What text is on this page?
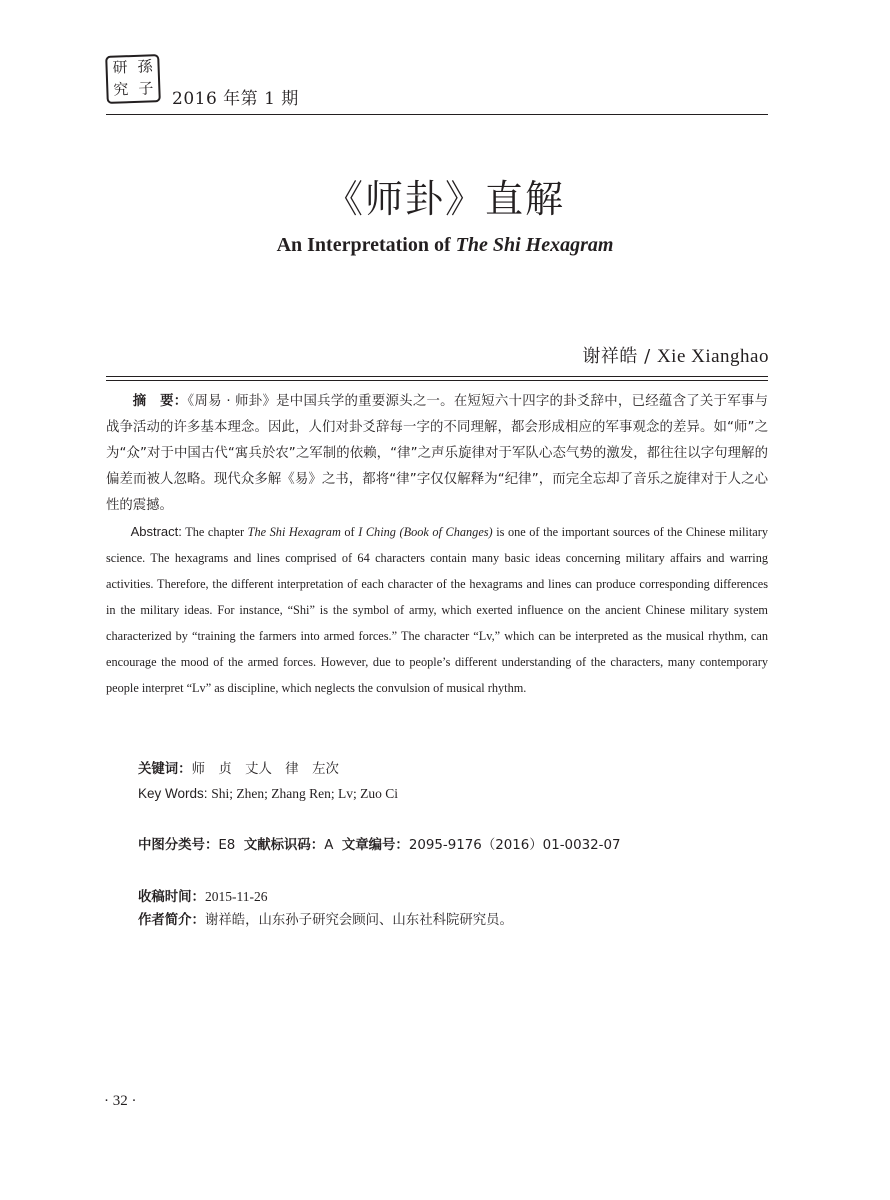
研 孫
究 子
2016 年第 1 期
《师卦》直解
An Interpretation of The Shi Hexagram
谢祥皓 / Xie Xianghao
摘　要：《周易 · 师卦》是中国兵学的重要源头之一。在短短六十四字的卦爻辞中，已经蕴含了关于军事与战争活动的许多基本理念。因此，人们对卦爻辞每一字的不同理解，都会形成相应的军事观念的差异。如“师”之为“众”对于中国古代“寓兵於农”之军制的依赖，“律”之声乐旋律对于军队心态气势的激发，都往往以字句理解的偏差而被人忽略。现代众多解《易》之书，都将“律”字仅仅解释为“纪律”，而完全忘却了音乐之旋律对于人之心性的震撼。
Abstract: The chapter The Shi Hexagram of I Ching (Book of Changes) is one of the important sources of the Chinese military science. The hexagrams and lines comprised of 64 characters contain many basic ideas concerning military affairs and warring activities. Therefore, the different interpretation of each character of the hexagrams and lines can produce corresponding differences in the military ideas. For instance, “Shi” is the symbol of army, which exerted influence on the ancient Chinese military system characterized by “training the farmers into armed forces.” The character “Lv,” which can be interpreted as the musical rhythm, can encourage the mood of the armed forces. However, due to people’s different understanding of the characters, many contemporary people interpret “Lv” as discipline, which neglects the convulsion of musical rhythm.
关键词：师　贞　丈人　律　左次
Key Words: Shi; Zhen; Zhang Ren; Lv; Zuo Ci
中图分类号：E8 文献标识码：A 文章编号：2095-9176（2016）01-0032-07
收稿时间：2015-11-26
作者简介：谢祥皓，山东孙子研究会顾问、山东社科院研究员。
· 32 ·
